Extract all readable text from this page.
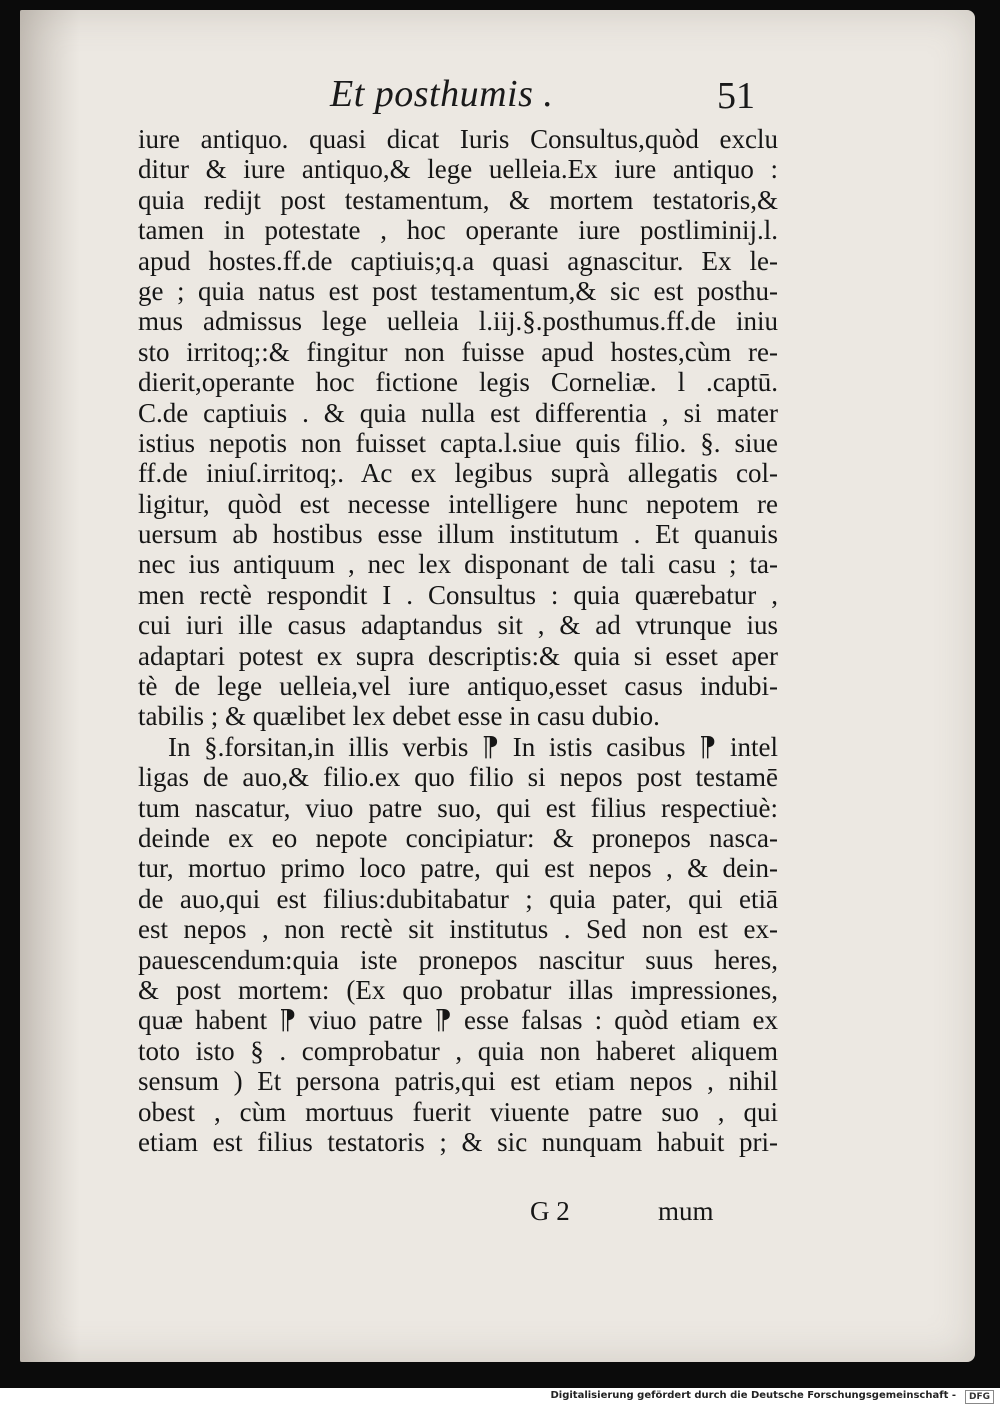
Et posthumis .	51
iure antiquo. quasi dicat Iuris Consultus,quòd exclu
ditur & iure antiquo,& lege uelleia.Ex iure antiquo :
quia redijt post testamentum, & mortem testatoris,&
tamen in potestate , hoc operante iure postliminij.l.
apud hostes.ff.de captiuis;q.a quasi agnascitur. Ex le-
ge ; quia natus est post testamentum,& sic est posthu-
mus admissus lege uelleia l.iij.§.posthumus.ff.de iniu
sto irritoq;:& fingitur non fuisse apud hostes,cùm re-
dierit,operante hoc fictione legis Corneliæ. l .captū.
C.de captiuis . & quia nulla est differentia , si mater
istius nepotis non fuisset capta.l.siue quis filio. §. siue
ff.de iniuſ.irritoq;. Ac ex legibus suprà allegatis col-
ligitur, quòd est necesse intelligere hunc nepotem re
uersum ab hostibus esse illum institutum . Et quanuis
nec ius antiquum , nec lex disponant de tali casu ; ta-
men rectè respondit I . Consultus : quia quærebatur ,
cui iuri ille casus adaptandus sit , & ad vtrunque ius
adaptari potest ex supra descriptis:& quia si esset aper
tè de lege uelleia,vel iure antiquo,esset casus indubi-
tabilis ; & quælibet lex debet esse in casu dubio.
In §.forsitan,in illis verbis ⁋ In istis casibus ⁋ intel
ligas de auo,& filio.ex quo filio si nepos post testamē
tum nascatur, viuo patre suo, qui est filius respectiuè:
deinde ex eo nepote concipiatur: & pronepos nasca-
tur, mortuo primo loco patre, qui est nepos , & dein-
de auo,qui est filius:dubitabatur ; quia pater, qui etiā
est nepos , non rectè sit institutus . Sed non est ex-
pauescendum:quia iste pronepos nascitur suus heres,
& post mortem: (Ex quo probatur illas impressiones,
quæ habent ⁋ viuo patre ⁋ esse falsas : quòd etiam ex
toto isto § . comprobatur , quia non haberet aliquem
sensum ) Et persona patris,qui est etiam nepos , nihil
obest , cùm mortuus fuerit viuente patre suo , qui
etiam est filius testatoris ; & sic nunquam habuit pri-
G 2	mum
Digitalisierung gefördert durch die Deutsche Forschungsgemeinschaft -	DFG
